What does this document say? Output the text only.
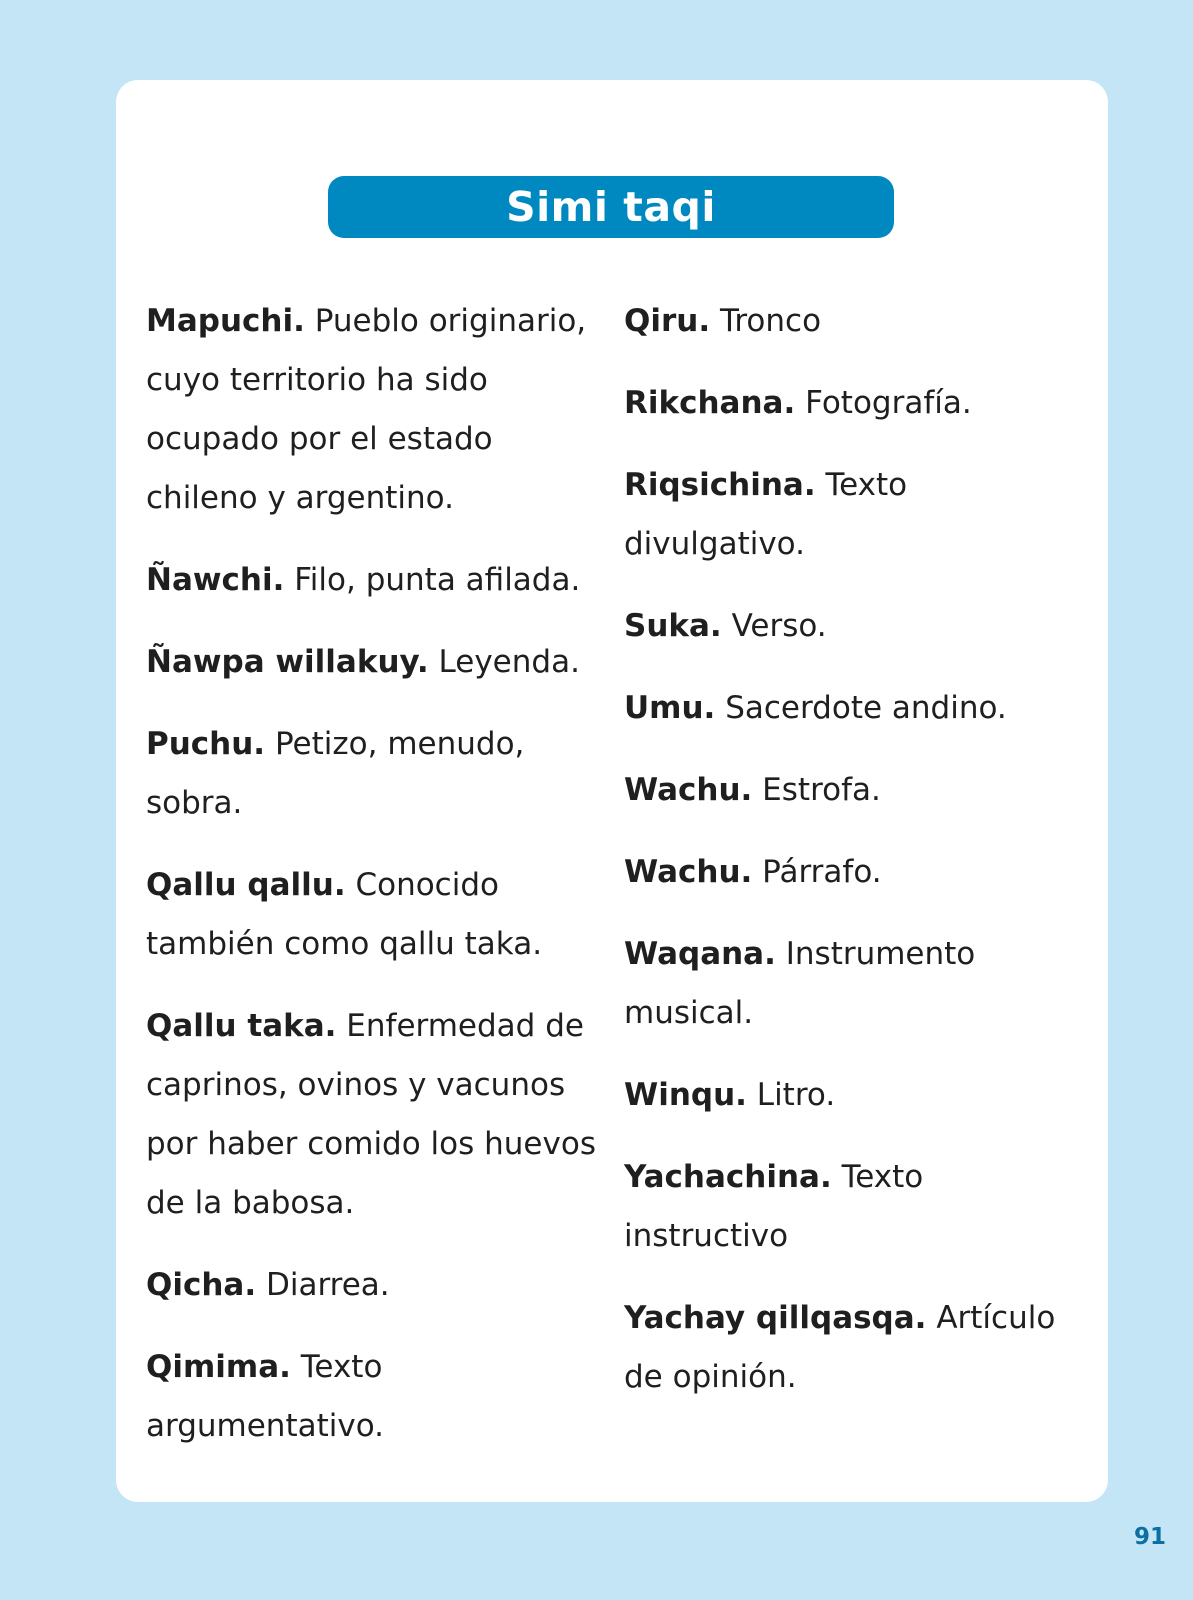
Simi taqi

Mapuchi. Pueblo originario, cuyo territorio ha sido ocupado por el estado chileno y argentino.

Ñawchi. Filo, punta afilada.

Ñawpa willakuy. Leyenda.

Puchu. Petizo, menudo, sobra.

Qallu qallu. Conocido también como qallu taka.

Qallu taka. Enfermedad de caprinos, ovinos y vacunos por haber comido los huevos de la babosa.

Qicha. Diarrea.

Qimima. Texto argumentativo.

Qiru. Tronco

Rikchana. Fotografía.

Riqsichina. Texto divulgativo.

Suka. Verso.

Umu. Sacerdote andino.

Wachu. Estrofa.

Wachu. Párrafo.

Waqana. Instrumento musical.

Winqu. Litro.

Yachachina. Texto instructivo

Yachay qillqasqa. Artículo de opinión.

91
